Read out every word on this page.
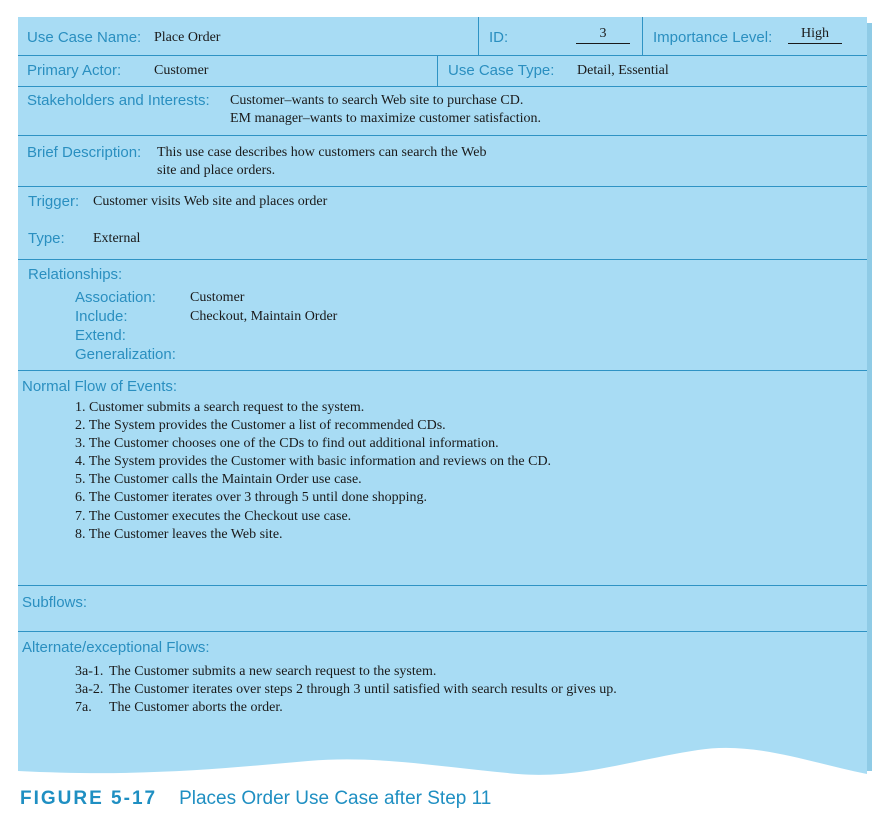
Use Case Name: Place Order	ID:	3	Importance Level:	High
Primary Actor: Customer	Use Case Type: Detail, Essential
Stakeholders and Interests: Customer–wants to search Web site to purchase CD.
EM manager–wants to maximize customer satisfaction.
Brief Description: This use case describes how customers can search the Web
site and place orders.
Trigger: Customer visits Web site and places order
Type: External
Relationships:
Association: Customer
Include:	Checkout, Maintain Order
Extend:
Generalization:
Normal Flow of Events:
1. Customer submits a search request to the system.
2. The System provides the Customer a list of recommended CDs.
3. The Customer chooses one of the CDs to find out additional information.
4. The System provides the Customer with basic information and reviews on the CD.
5. The Customer calls the Maintain Order use case.
6. The Customer iterates over 3 through 5 until done shopping.
7. The Customer executes the Checkout use case.
8. The Customer leaves the Web site.
Subflows:
Alternate/exceptional Flows:
3a-1. The Customer submits a new search request to the system.
3a-2. The Customer iterates over steps 2 through 3 until satisfied with search results or gives up.
7a. The Customer aborts the order.
FIGURE 5-17 Places Order Use Case after Step 11
